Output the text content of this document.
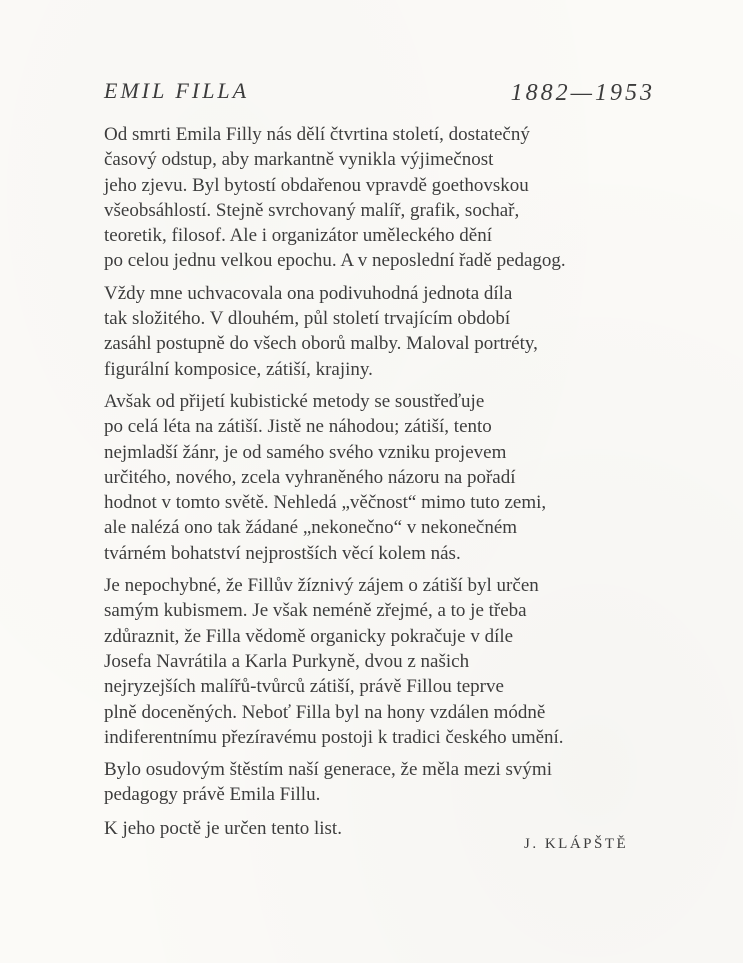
EMIL FILLA	1882—1953

Od smrti Emila Filly nás dělí čtvrtina století, dostatečný
časový odstup, aby markantně vynikla výjimečnost
jeho zjevu. Byl bytostí obdařenou vpravdě goethovskou
všeobsáhlostí. Stejně svrchovaný malíř, grafik, sochař,
teoretik, filosof. Ale i organizátor uměleckého dění
po celou jednu velkou epochu. A v neposlední řadě pedagog.

Vždy mne uchvacovala ona podivuhodná jednota díla
tak složitého. V dlouhém, půl století trvajícím období
zasáhl postupně do všech oborů malby. Maloval portréty,
figurální komposice, zátiší, krajiny.

Avšak od přijetí kubistické metody se soustřeďuje
po celá léta na zátiší. Jistě ne náhodou; zátiší, tento
nejmladší žánr, je od samého svého vzniku projevem
určitého, nového, zcela vyhraněného názoru na pořadí
hodnot v tomto světě. Nehledá „věčnost“ mimo tuto zemi,
ale nalézá ono tak žádané „nekonečno“ v nekonečném
tvárném bohatství nejprostších věcí kolem nás.

Je nepochybné, že Fillův žíznivý zájem o zátiší byl určen
samým kubismem. Je však neméně zřejmé, a to je třeba
zdůraznit, že Filla vědomě organicky pokračuje v díle
Josefa Navrátila a Karla Purkyně, dvou z našich
nejryzejších malířů-tvůrců zátiší, právě Fillou teprve
plně doceněných. Neboť Filla byl na hony vzdálen módně
indiferentnímu přezíravému postoji k tradici českého umění.

Bylo osudovým štěstím naší generace, že měla mezi svými
pedagogy právě Emila Fillu.

K jeho poctě je určen tento list.
J. KLÁPŠTĚ
